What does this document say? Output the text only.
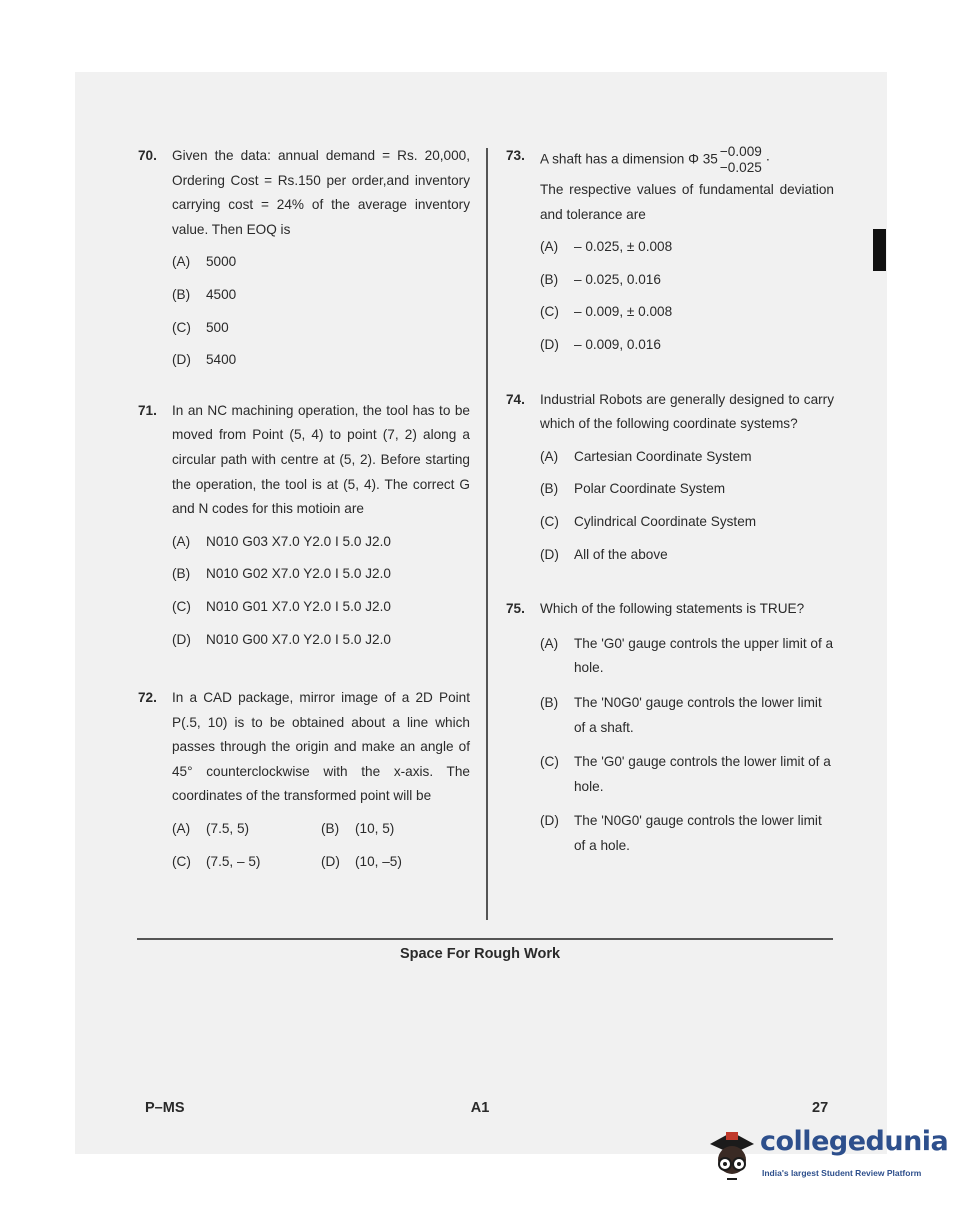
70. Given the data: annual demand = Rs. 20,000, Ordering Cost = Rs.150 per order,and inventory carrying cost = 24% of the average inventory value. Then EOQ is
(A) 5000
(B) 4500
(C) 500
(D) 5400
71. In an NC machining operation, the tool has to be moved from Point (5, 4) to point (7, 2) along a circular path with centre at (5, 2). Before starting the operation, the tool is at (5, 4). The correct G and N codes for this motioin are
(A) N010 G03 X7.0 Y2.0 I 5.0 J2.0
(B) N010 G02 X7.0 Y2.0 I 5.0 J2.0
(C) N010 G01 X7.0 Y2.0 I 5.0 J2.0
(D) N010 G00 X7.0 Y2.0 I 5.0 J2.0
72. In a CAD package, mirror image of a 2D Point P(.5, 10) is to be obtained about a line which passes through the origin and make an angle of 45° counterclockwise with the x-axis. The coordinates of the transformed point will be
(A) (7.5, 5)	(B) (10, 5)
(C) (7.5, – 5)	(D) (10, –5)
73. A shaft has a dimension Φ 35
−0.009
−0.025
·
The respective values of fundamental deviation and tolerance are
(A) – 0.025, ± 0.008
(B) – 0.025, 0.016
(C) – 0.009, ± 0.008
(D) – 0.009, 0.016
74. Industrial Robots are generally designed to carry which of the following coordinate systems?
(A) Cartesian Coordinate System
(B) Polar Coordinate System
(C) Cylindrical Coordinate System
(D) All of the above
75. Which of the following statements is TRUE?
(A) The 'G0' gauge controls the upper limit of a hole.
(B) The 'N0G0' gauge controls the lower limit of a shaft.
(C) The 'G0' gauge controls the lower limit of a hole.
(D) The 'N0G0' gauge controls the lower limit of a hole.
Space For Rough Work
P–MS	A1	27
collegedunia
India's largest Student Review Platform
